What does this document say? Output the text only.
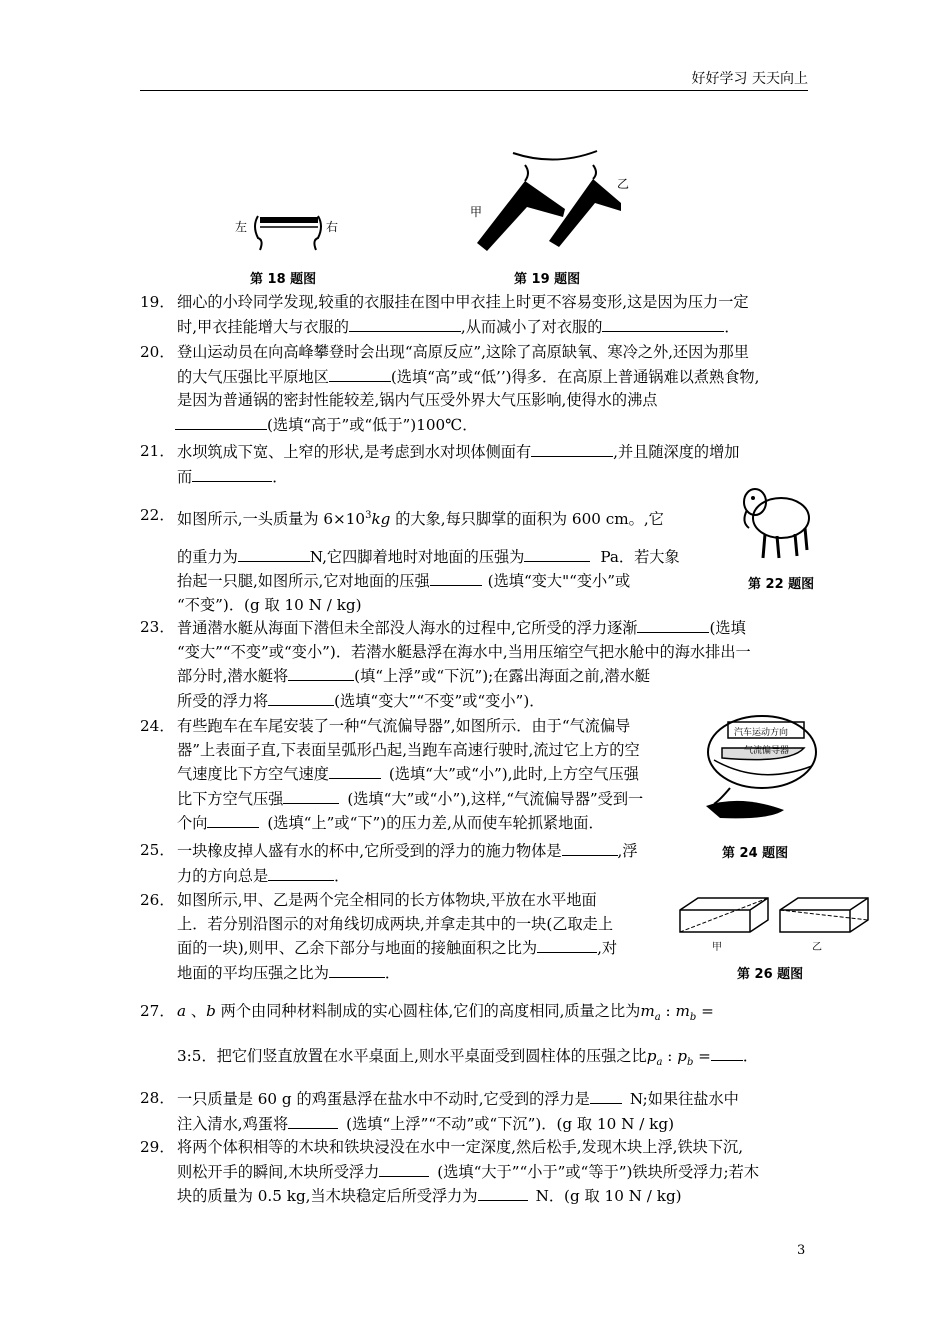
好好学习 天天向上
左	右
第 18 题图
甲
乙
第 19 题图
19． 细心的小玲同学发现,较重的衣服挂在图中甲衣挂上时更不容易变形,这是因为压力一定
时,甲衣挂能增大与衣服的	,从而减小了对衣服的	．
20． 登山运动员在向高峰攀登时会出现“高原反应”,这除了高原缺氧、寒冷之外,还因为那里
的大气压强比平原地区	(选填“高”或“低’’)得多．在高原上普通锅难以煮熟食物,
是因为普通锅的密封性能较差,锅内气压受外界大气压影响,使得水的沸点
(选填“高于”或“低于”)100℃．
21． 水坝筑成下宽、上窄的形状,是考虑到水对坝体侧面有	,并且随深度的增加
而	．
第 22 题图
22． 如图所示,一头质量为 $6\times 10^3kg$ 的大象,每只脚掌的面积为 600 cm。,它
的重力为	N,它四脚着地时对地面的压强为	Pa．若大象
抬起一只腿,如图所示,它对地面的压强	(选填“变大"“变小”或
“不变”)．(g 取 10 N / kg)
23． 普通潜水艇从海面下潜但未全部没人海水的过程中,它所受的浮力逐渐	(选填
“变大”“不变”或“变小”)．若潜水艇悬浮在海水中,当用压缩空气把水舱中的海水排出一
部分时,潜水艇将	(填“上浮”或“下沉”);在露出海面之前,潜水艇
所受的浮力将	(选填“变大”“不变”或“变小”)．
汽车运动方向
气流偏导器
第 24 题图
24． 有些跑车在车尾安装了一种“气流偏导器”,如图所示．由于“气流偏导
器”上表面子直,下表面呈弧形凸起,当跑车高速行驶时,流过它上方的空
气速度比下方空气速度	(选填“大”或“小”),此时,上方空气压强
比下方空气压强	(选填“大”或“小”),这样,“气流偏导器”受到一
个向	(选填“上”或“下”)的压力差,从而使车轮抓紧地面．
25． 一块橡皮掉人盛有水的杯中,它所受到的浮力的施力物体是	,浮
力的方向总是	．
甲	乙
第 26 题图
26． 如图所示,甲、乙是两个完全相同的长方体物块,平放在水平地面
上．若分别沿图示的对角线切成两块,并拿走其中的一块(乙取走上
面的一块),则甲、乙余下部分与地面的接触面积之比为	,对
地面的平均压强之比为	．
27． a 、b 两个由同种材料制成的实心圆柱体,它们的高度相同,质量之比为$m_a$ : $m_b$ =
3:5．把它们竖直放置在水平桌面上,则水平桌面受到圆柱体的压强之比$p_a$ : $p_b$ = ．
28． 一只质量是 60 g 的鸡蛋悬浮在盐水中不动时,它受到的浮力是	N;如果往盐水中
注入清水,鸡蛋将	(选填“上浮”“不动”或“下沉”)．(g 取 10 N / kg)
29． 将两个体积相等的木块和铁块浸没在水中一定深度,然后松手,发现木块上浮,铁块下沉,
则松开手的瞬间,木块所受浮力	(选填“大于”“小于”或“等于”)铁块所受浮力;若木
块的质量为 0.5 kg,当木块稳定后所受浮力为	N．(g 取 10 N / kg)
3
